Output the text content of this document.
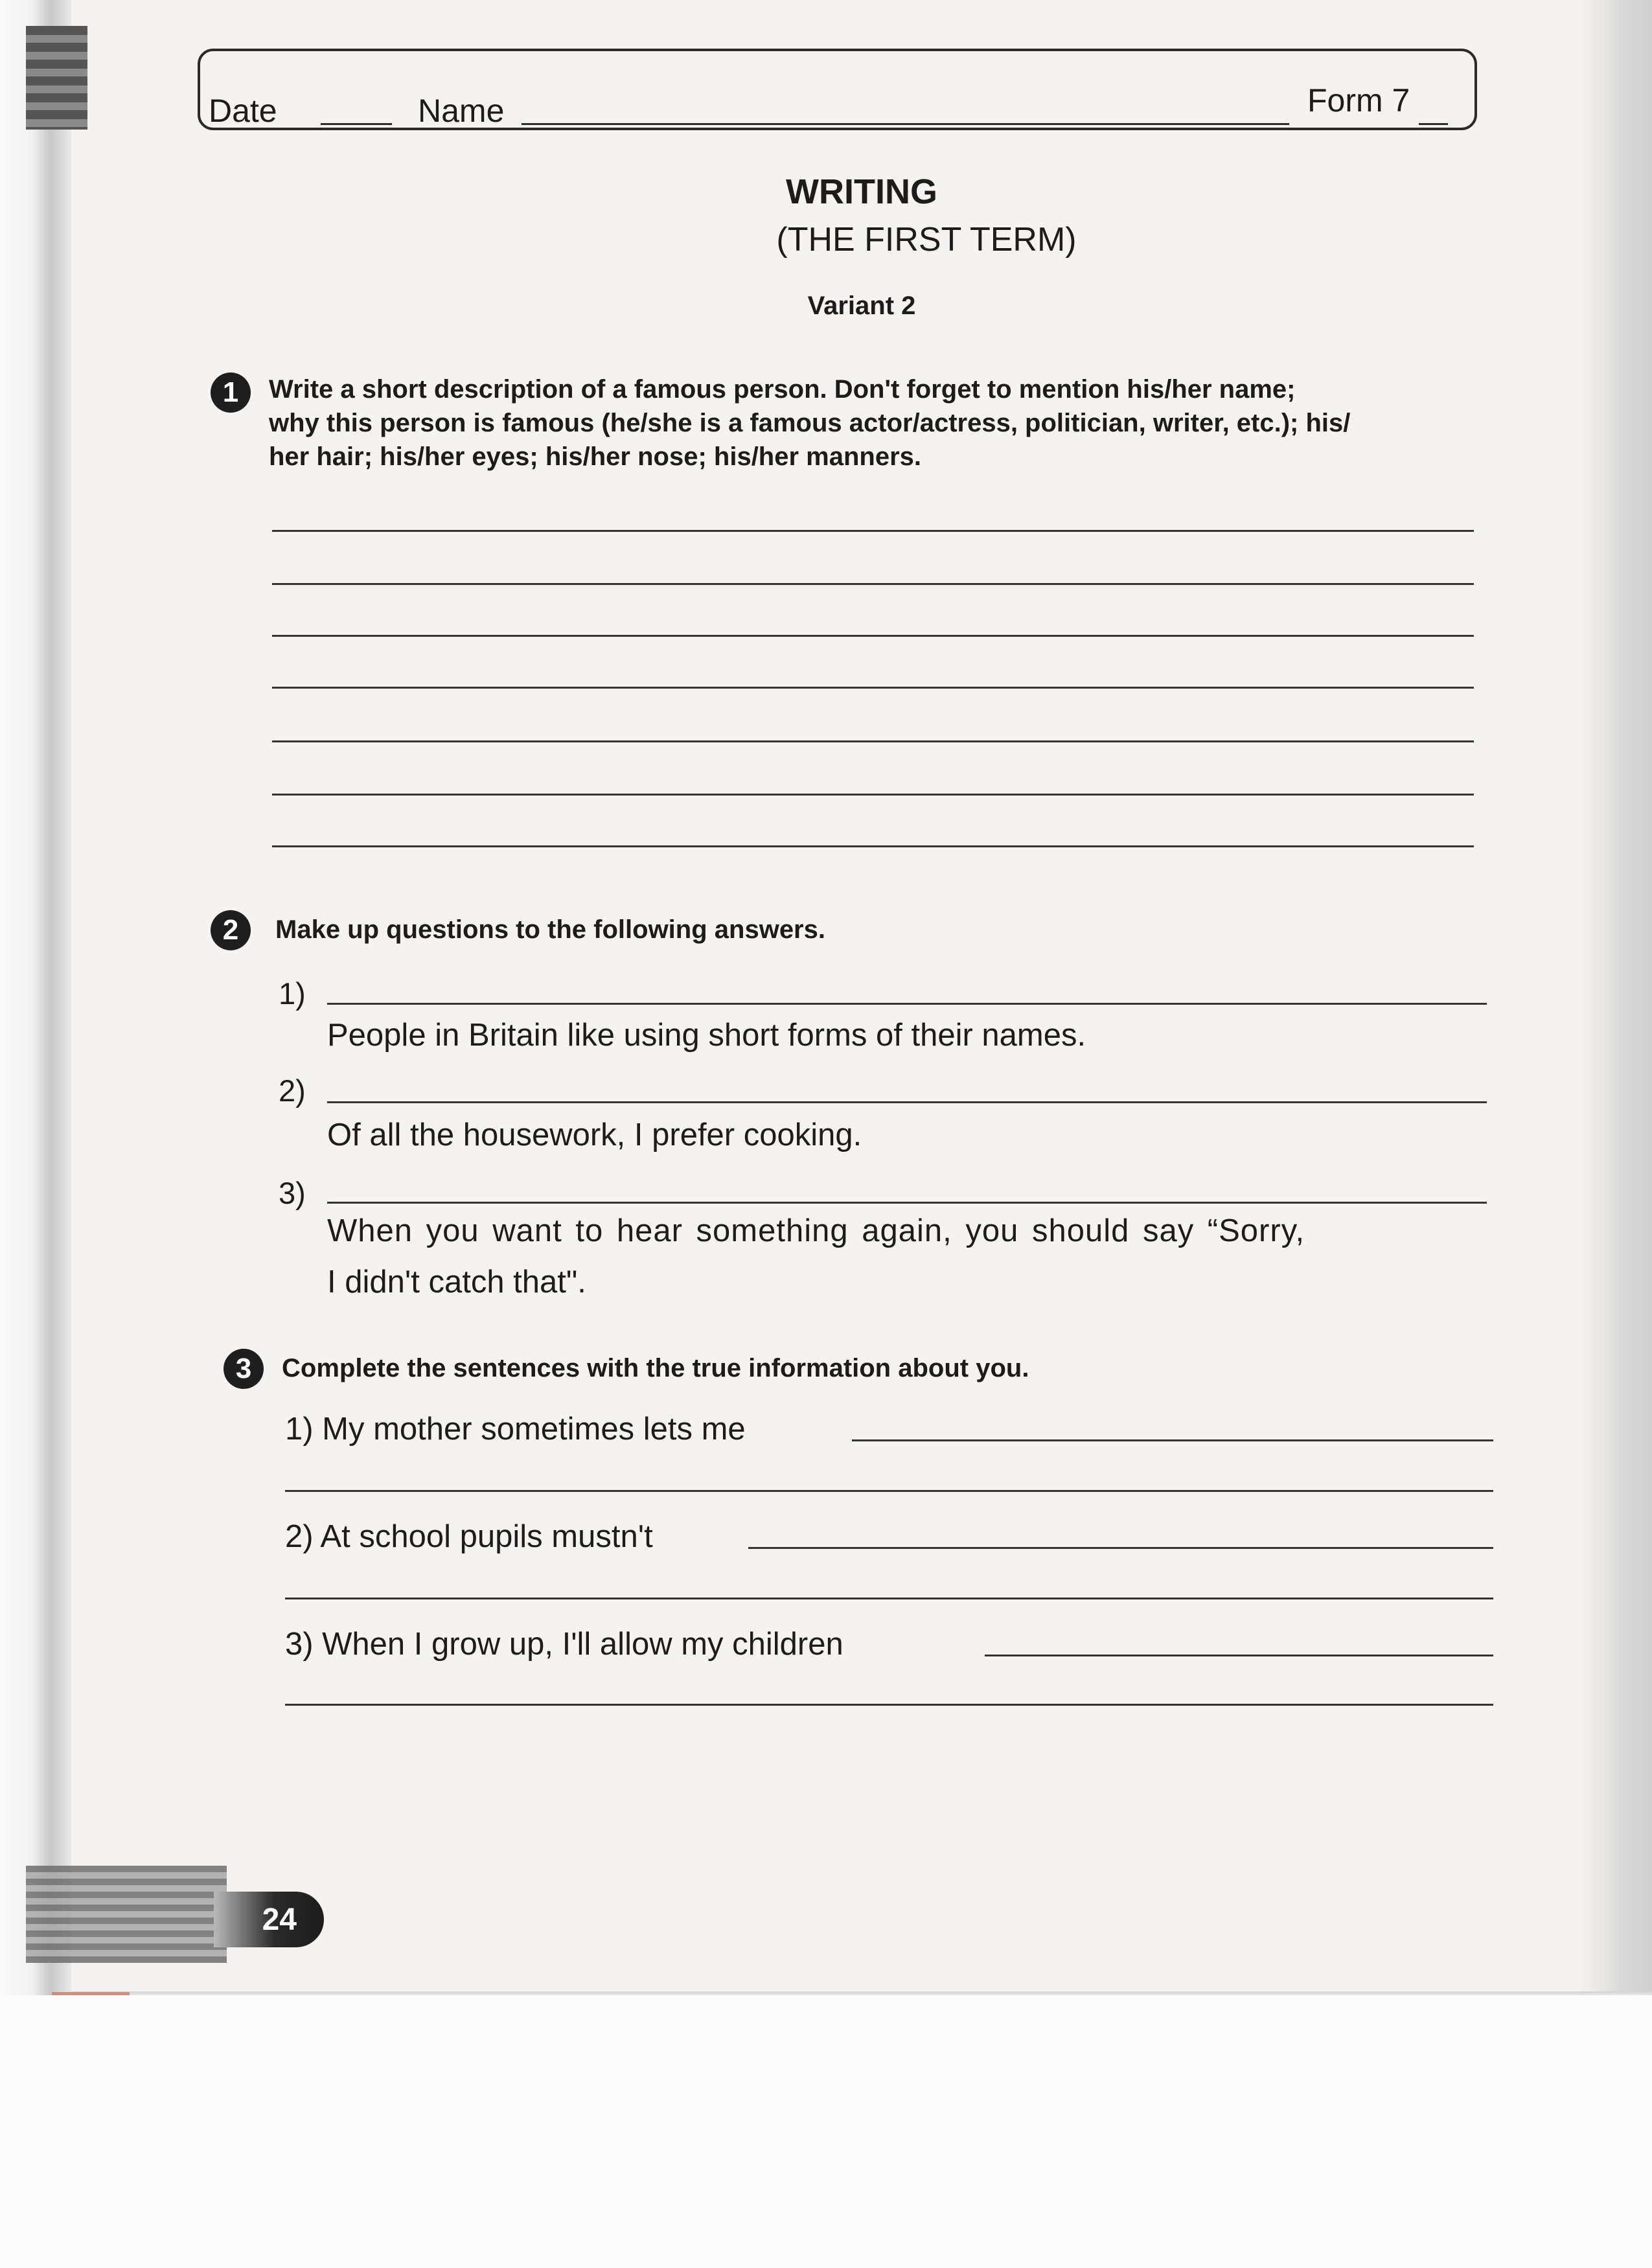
Date	Name	Form 7
WRITING
(THE FIRST TERM)
Variant 2
1	Write a short description of a famous person. Don't forget to mention his/her name;
why this person is famous (he/she is a famous actor/actress, politician, writer, etc.); his/
her hair; his/her eyes; his/her nose; his/her manners.
2	Make up questions to the following answers.
1)
People in Britain like using short forms of their names.
2)
Of all the housework, I prefer cooking.
3)
When you want to hear something again, you should say “Sorry,
I didn't catch that".
3	Complete the sentences with the true information about you.
1) My mother sometimes lets me
2) At school pupils mustn't
3) When I grow up, I'll allow my children
24
